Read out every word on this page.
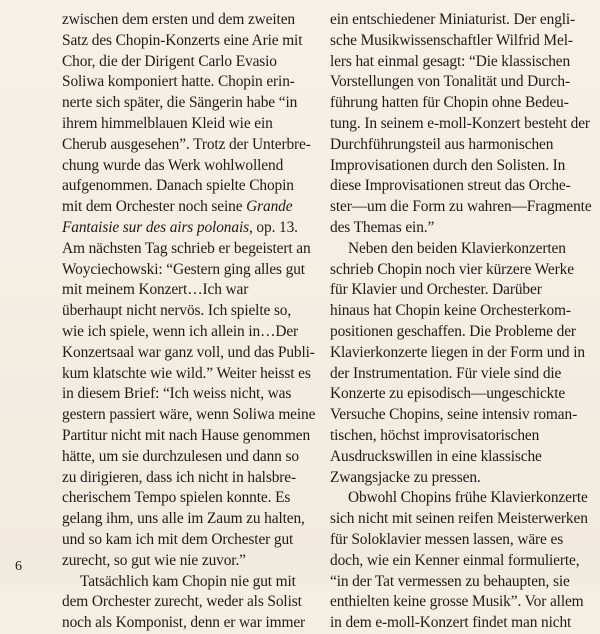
zwischen dem ersten und dem zweiten
Satz des Chopin-Konzerts eine Arie mit
Chor, die der Dirigent Carlo Evasio
Soliwa komponiert hatte. Chopin erin-
nerte sich später, die Sängerin habe “in
ihrem himmelblauen Kleid wie ein
Cherub ausgesehen”. Trotz der Unterbre-
chung wurde das Werk wohlwollend
aufgenommen. Danach spielte Chopin
mit dem Orchester noch seine Grande
Fantaisie sur des airs polonais, op. 13.
Am nächsten Tag schrieb er begeistert an
Woyciechowski: “Gestern ging alles gut
mit meinem Konzert…Ich war
überhaupt nicht nervös. Ich spielte so,
wie ich spiele, wenn ich allein in…Der
Konzertsaal war ganz voll, und das Publi-
kum klatschte wie wild.” Weiter heisst es
in diesem Brief: “Ich weiss nicht, was
gestern passiert wäre, wenn Soliwa meine
Partitur nicht mit nach Hause genommen
hätte, um sie durchzulesen und dann so
zu dirigieren, dass ich nicht in halsbre-
cherischem Tempo spielen konnte. Es
gelang ihm, uns alle im Zaum zu halten,
und so kam ich mit dem Orchester gut
zurecht, so gut wie nie zuvor.”
Tatsächlich kam Chopin nie gut mit
dem Orchester zurecht, weder als Solist
noch als Komponist, denn er war immer
ein entschiedener Miniaturist. Der engli-
sche Musikwissenschaftler Wilfrid Mel-
lers hat einmal gesagt: “Die klassischen
Vorstellungen von Tonalität und Durch-
führung hatten für Chopin ohne Bedeu-
tung. In seinem e-moll-Konzert besteht der
Durchführungsteil aus harmonischen
Improvisationen durch den Solisten. In
diese Improvisationen streut das Orche-
ster—um die Form zu wahren—Fragmente
des Themas ein.”
Neben den beiden Klavierkonzerten
schrieb Chopin noch vier kürzere Werke
für Klavier und Orchester. Darüber
hinaus hat Chopin keine Orchesterkom-
positionen geschaffen. Die Probleme der
Klavierkonzerte liegen in der Form und in
der Instrumentation. Für viele sind die
Konzerte zu episodisch—ungeschickte
Versuche Chopins, seine intensiv roman-
tischen, höchst improvisatorischen
Ausdruckswillen in eine klassische
Zwangsjacke zu pressen.
Obwohl Chopins frühe Klavierkonzerte
sich nicht mit seinen reifen Meisterwerken
für Soloklavier messen lassen, wäre es
doch, wie ein Kenner einmal formulierte,
“in der Tat vermessen zu behaupten, sie
enthielten keine grosse Musik”. Vor allem
in dem e-moll-Konzert findet man nicht
6
